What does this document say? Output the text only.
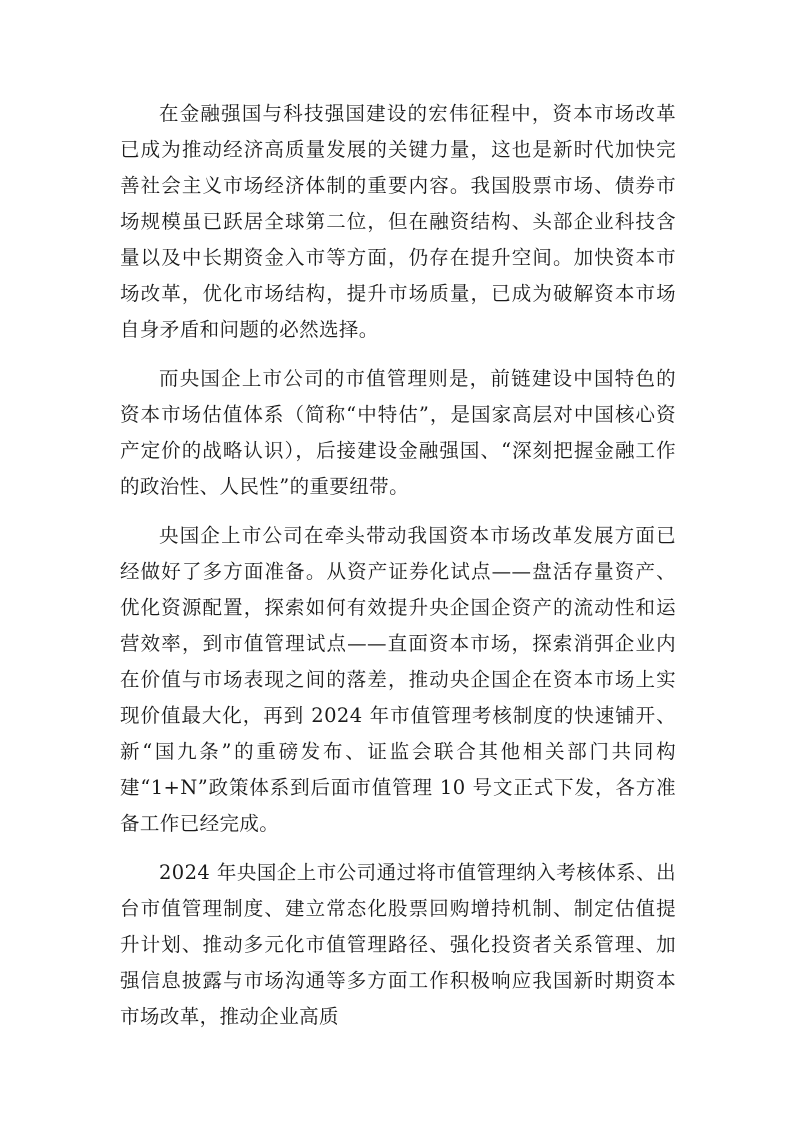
在金融强国与科技强国建设的宏伟征程中，资本市场改革已成为推动经济高质量发展的关键力量，这也是新时代加快完善社会主义市场经济体制的重要内容。我国股票市场、债券市场规模虽已跃居全球第二位，但在融资结构、头部企业科技含量以及中长期资金入市等方面，仍存在提升空间。加快资本市场改革，优化市场结构，提升市场质量，已成为破解资本市场自身矛盾和问题的必然选择。

而央国企上市公司的市值管理则是，前链建设中国特色的资本市场估值体系（简称“中特估”，是国家高层对中国核心资产定价的战略认识），后接建设金融强国、“深刻把握金融工作的政治性、人民性”的重要纽带。

央国企上市公司在牵头带动我国资本市场改革发展方面已经做好了多方面准备。从资产证券化试点——盘活存量资产、优化资源配置，探索如何有效提升央企国企资产的流动性和运营效率，到市值管理试点——直面资本市场，探索消弭企业内在价值与市场表现之间的落差，推动央企国企在资本市场上实现价值最大化，再到 2024 年市值管理考核制度的快速铺开、新“国九条”的重磅发布、证监会联合其他相关部门共同构建“1+N”政策体系到后面市值管理 10 号文正式下发，各方准备工作已经完成。

2024 年央国企上市公司通过将市值管理纳入考核体系、出台市值管理制度、建立常态化股票回购增持机制、制定估值提升计划、推动多元化市值管理路径、强化投资者关系管理、加强信息披露与市场沟通等多方面工作积极响应我国新时期资本市场改革，推动企业高质
